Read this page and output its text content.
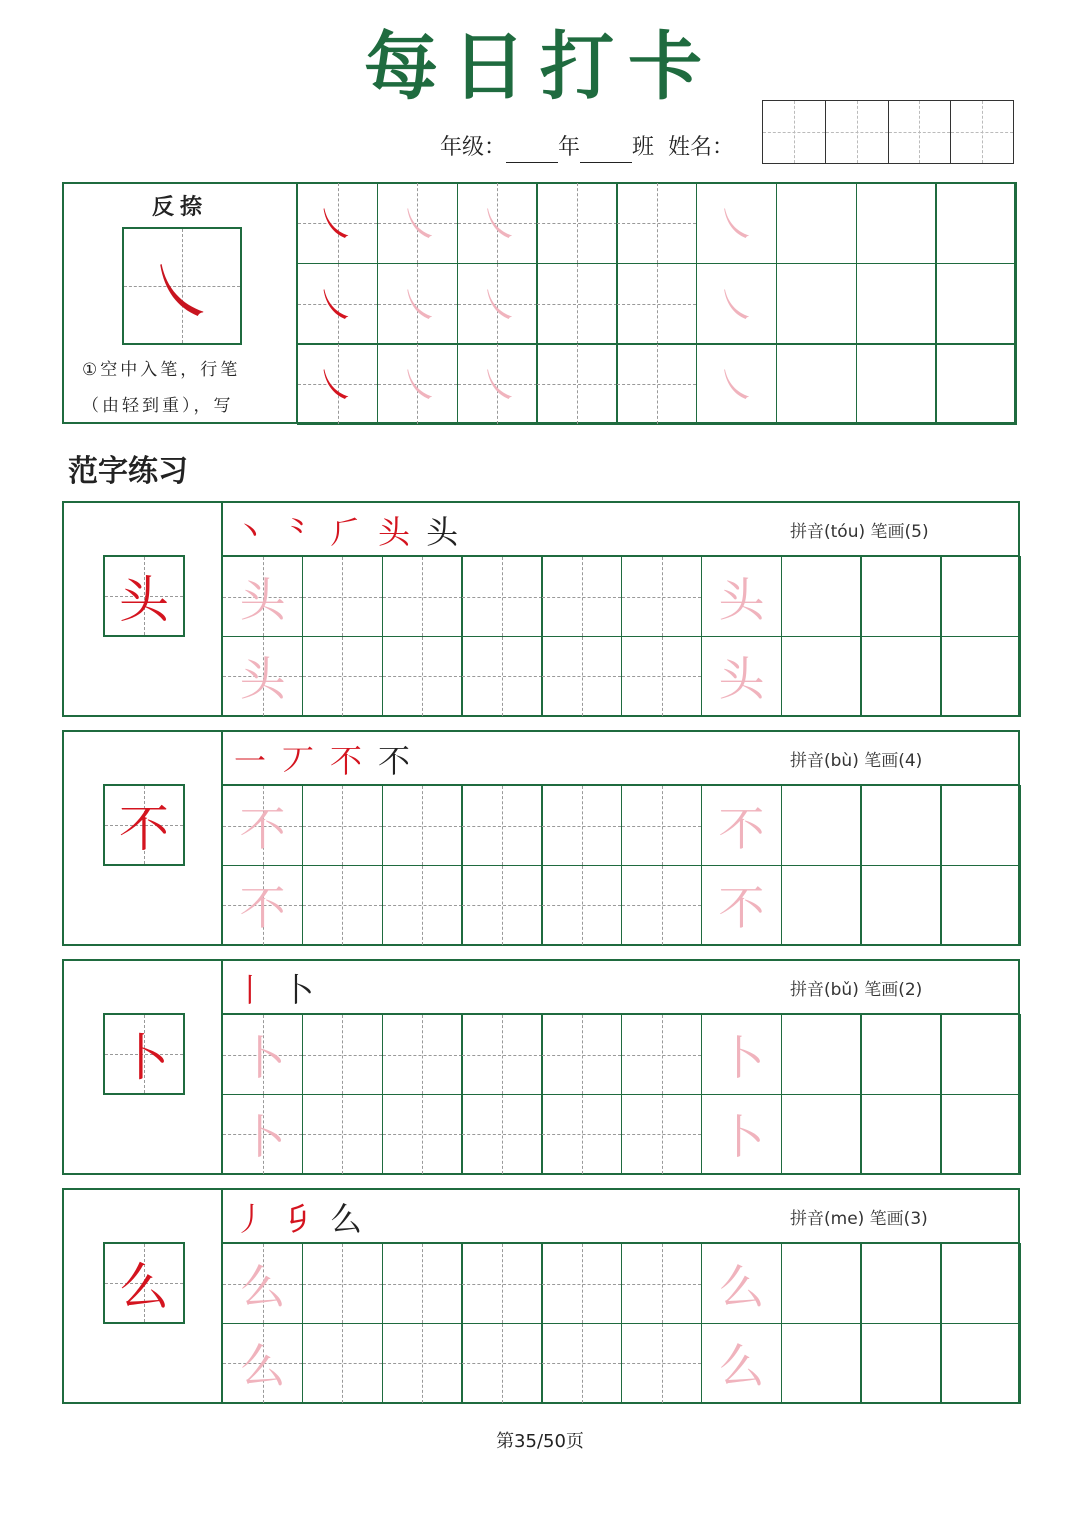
每日打卡
年级： 年 班 姓名：
反捺
㇏
①空中入笔，行笔
（由轻到重），写
㇏	㇏ ㇏	㇏
㇏	㇏ ㇏	㇏
㇏	㇏ ㇏	㇏
范字练习
头
丶 ⺀ ⺁ 头 头	拼音(tóu) 笔画(5)
头	头
头	头
不
一 丆 不 不	拼音(bù) 笔画(4)
不	不
不	不
卜
丨 卜	拼音(bǔ) 笔画(2)
卜	卜
卜	卜
么
丿 𠂎 么	拼音(me) 笔画(3)
么	么
么	么
第35/50页
